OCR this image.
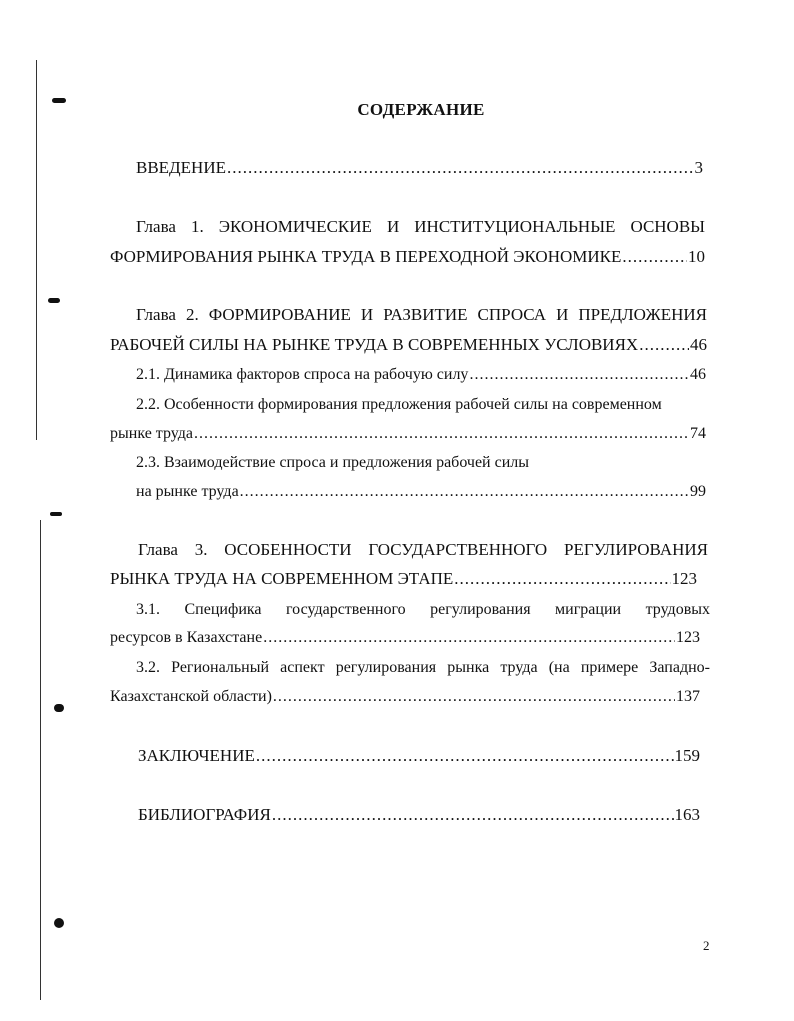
СОДЕРЖАНИЕ
ВВЕДЕНИЕ .....	3
Глава 1. ЭКОНОМИЧЕСКИЕ И ИНСТИТУЦИОНАЛЬНЫЕ ОСНОВЫ
ФОРМИРОВАНИЯ РЫНКА ТРУДА В ПЕРЕХОДНОЙ ЭКОНОМИКЕ .....	10
Глава 2. ФОРМИРОВАНИЕ И РАЗВИТИЕ СПРОСА И ПРЕДЛОЖЕНИЯ
РАБОЧЕЙ СИЛЫ НА РЫНКЕ ТРУДА В СОВРЕМЕННЫХ УСЛОВИЯХ .....	46
2.1. Динамика факторов спроса на рабочую силу .....	46
2.2. Особенности формирования предложения рабочей силы на современном
рынке труда .....	74
2.3. Взаимодействие спроса и предложения рабочей силы
на рынке труда .....	99
Глава 3. ОСОБЕННОСТИ ГОСУДАРСТВЕННОГО РЕГУЛИРОВАНИЯ
РЫНКА ТРУДА НА СОВРЕМЕННОМ ЭТАПЕ .....	123
3.1. Специфика государственного регулирования миграции трудовых
ресурсов в Казахстане .....	123
3.2. Региональный аспект регулирования рынка труда (на примере Западно-
Казахстанской области) .....	137
ЗАКЛЮЧЕНИЕ .....	159
БИБЛИОГРАФИЯ .....	163
2
